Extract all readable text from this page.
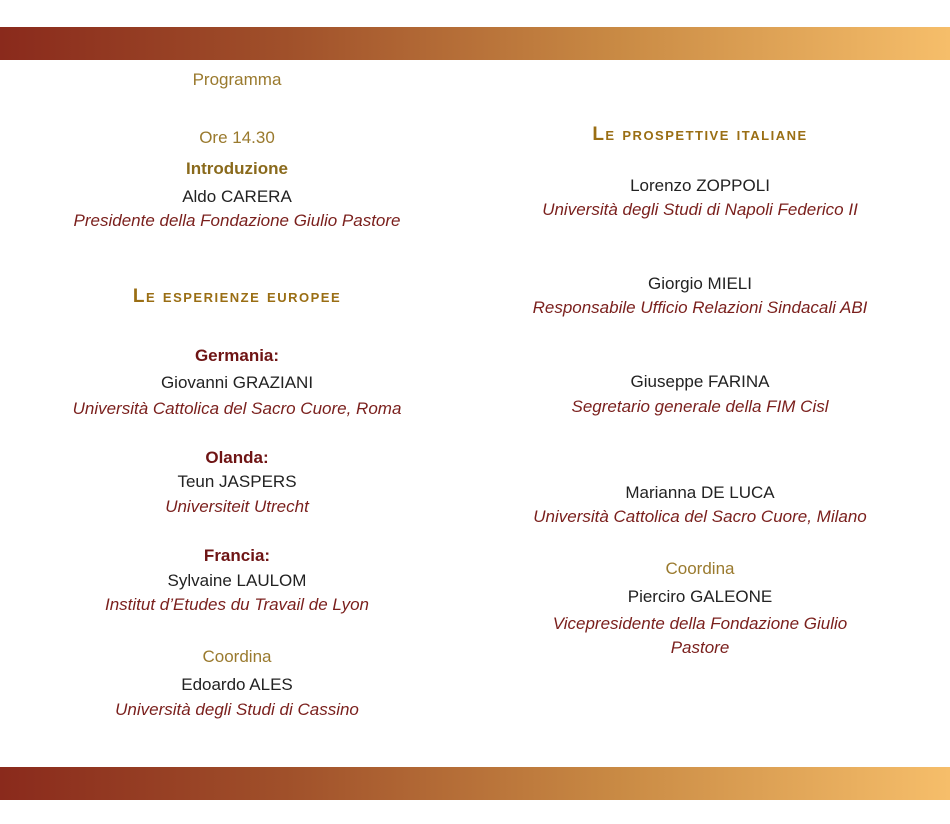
Programma
Ore 14.30
Introduzione
Aldo CARERA
Presidente della Fondazione Giulio Pastore
Le esperienze europee
Germania:
Giovanni GRAZIANI
Università Cattolica del Sacro Cuore, Roma
Olanda:
Teun JASPERS
Universiteit Utrecht
Francia:
Sylvaine LAULOM
Institut d’Etudes du Travail de Lyon
Coordina
Edoardo ALES
Università degli Studi di Cassino
Le prospettive italiane
Lorenzo ZOPPOLI
Università degli Studi di Napoli Federico II
Giorgio MIELI
Responsabile Ufficio Relazioni Sindacali ABI
Giuseppe FARINA
Segretario generale della FIM Cisl
Marianna DE LUCA
Università Cattolica del Sacro Cuore, Milano
Coordina
Pierciro GALEONE
Vicepresidente della Fondazione Giulio Pastore
